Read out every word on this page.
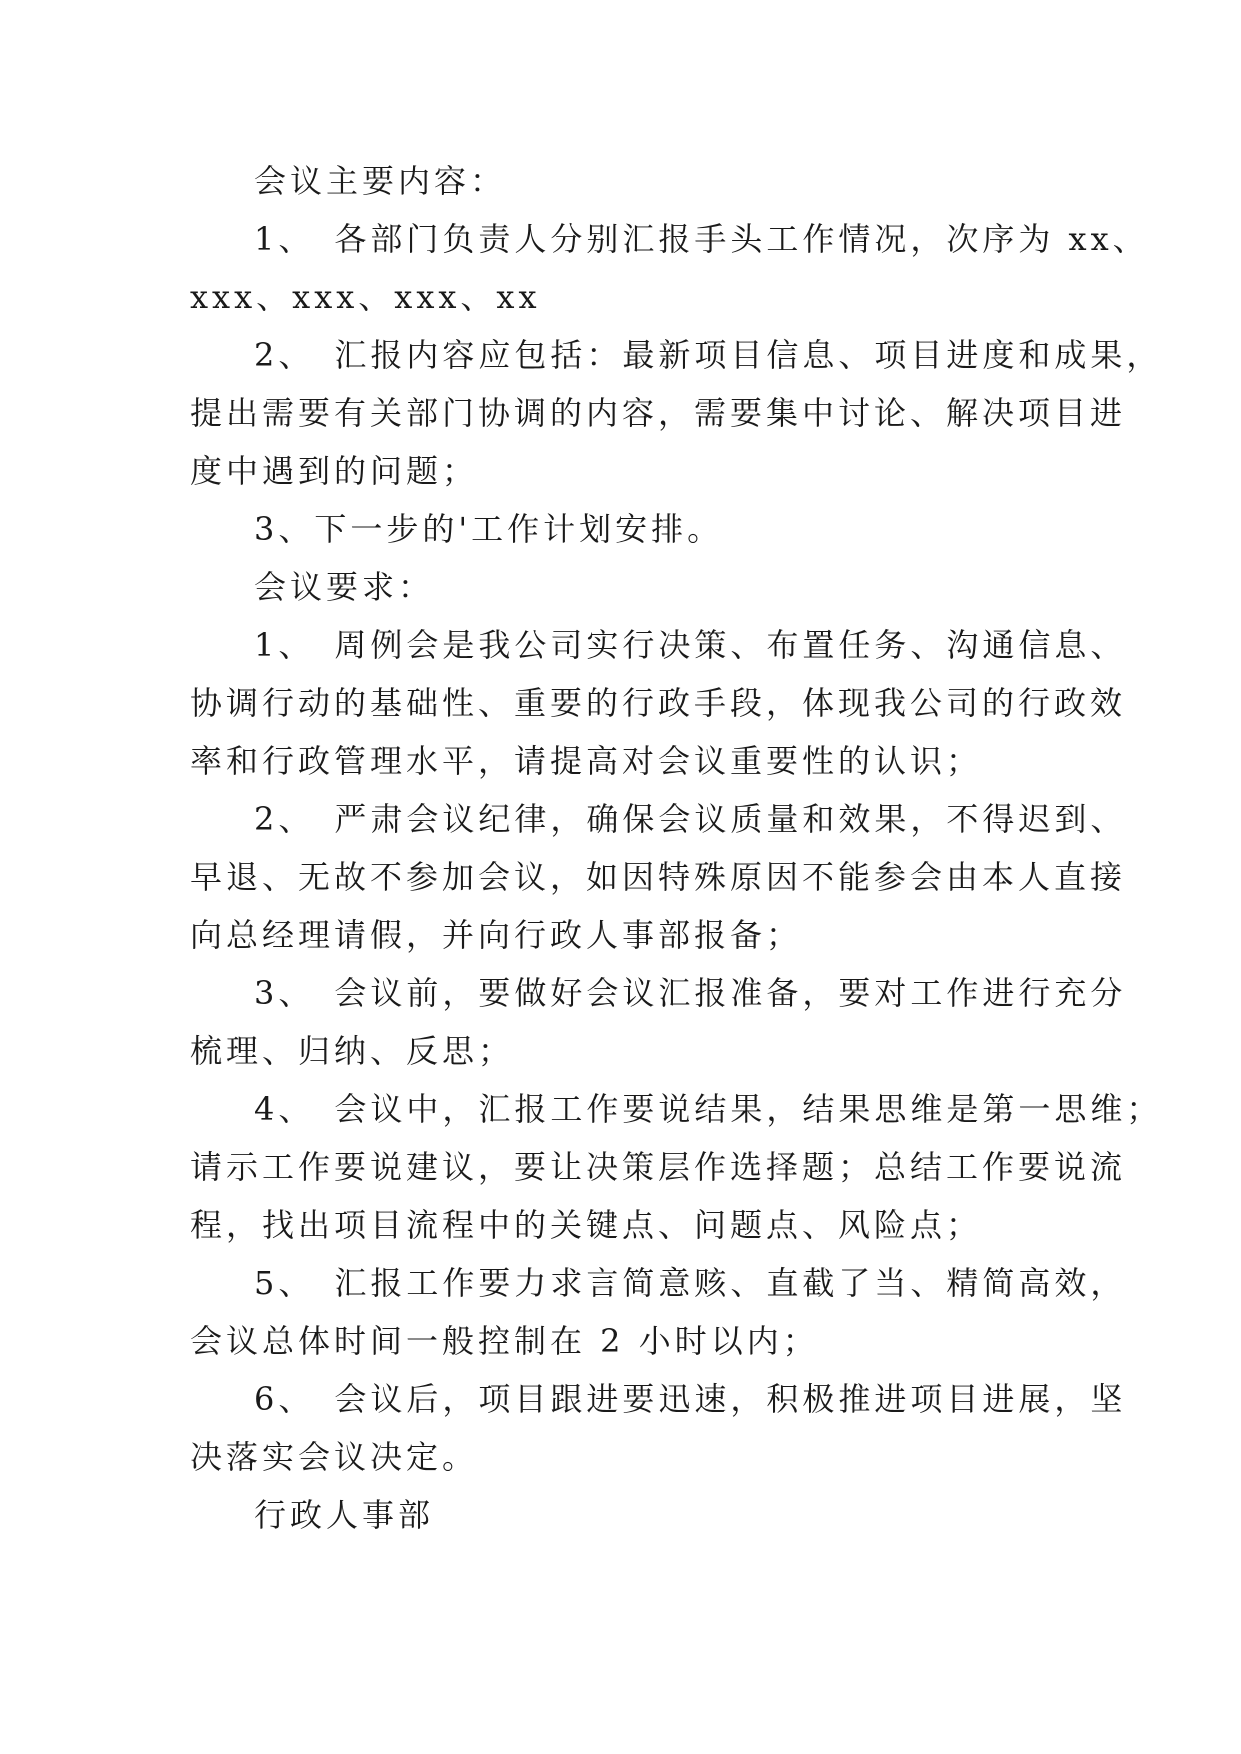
会议主要内容：
1、　各部门负责人分别汇报手头工作情况，次序为 xx、
xxx、xxx、xxx、xx
2、　汇报内容应包括：最新项目信息、项目进度和成果，
提出需要有关部门协调的内容，需要集中讨论、解决项目进
度中遇到的问题；
3、下一步的'工作计划安排。
会议要求：
1、　周例会是我公司实行决策、布置任务、沟通信息、
协调行动的基础性、重要的行政手段，体现我公司的行政效
率和行政管理水平，请提高对会议重要性的认识；
2、　严肃会议纪律，确保会议质量和效果，不得迟到、
早退、无故不参加会议，如因特殊原因不能参会由本人直接
向总经理请假，并向行政人事部报备；
3、　会议前，要做好会议汇报准备，要对工作进行充分
梳理、归纳、反思；
4、　会议中，汇报工作要说结果，结果思维是第一思维；
请示工作要说建议，要让决策层作选择题；总结工作要说流
程，找出项目流程中的关键点、问题点、风险点；
5、　汇报工作要力求言简意赅、直截了当、精简高效，
会议总体时间一般控制在 2 小时以内；
6、　会议后，项目跟进要迅速，积极推进项目进展，坚
决落实会议决定。
行政人事部
